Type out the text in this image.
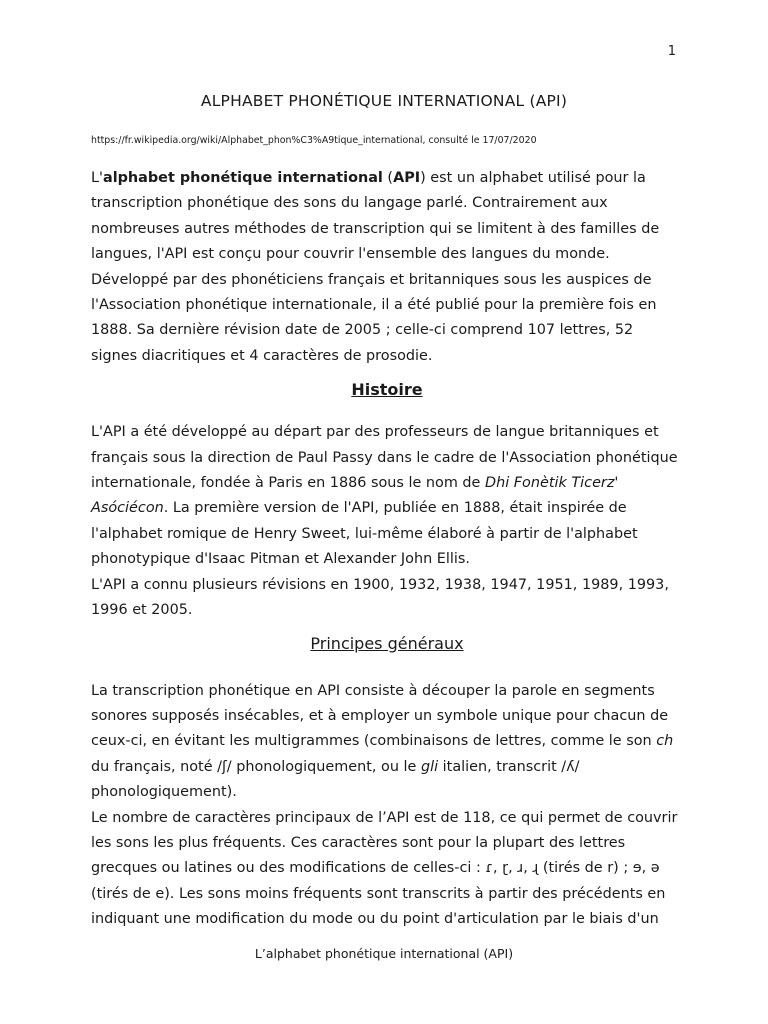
1
ALPHABET PHONÉTIQUE INTERNATIONAL (API)
https://fr.wikipedia.org/wiki/Alphabet_phon%C3%A9tique_international, consulté le 17/07/2020

L'alphabet phonétique international (API) est un alphabet utilisé pour la transcription phonétique des sons du langage parlé. Contrairement aux nombreuses autres méthodes de transcription qui se limitent à des familles de langues, l'API est conçu pour couvrir l'ensemble des langues du monde. Développé par des phonéticiens français et britanniques sous les auspices de l'Association phonétique internationale, il a été publié pour la première fois en 1888. Sa dernière révision date de 2005 ; celle-ci comprend 107 lettres, 52 signes diacritiques et 4 caractères de prosodie.

Histoire

L'API a été développé au départ par des professeurs de langue britanniques et français sous la direction de Paul Passy dans le cadre de l'Association phonétique internationale, fondée à Paris en 1886 sous le nom de Dhi Fonètik Ticerz' Asóciécon. La première version de l'API, publiée en 1888, était inspirée de l'alphabet romique de Henry Sweet, lui-même élaboré à partir de l'alphabet phonotypique d'Isaac Pitman et Alexander John Ellis.

L'API a connu plusieurs révisions en 1900, 1932, 1938, 1947, 1951, 1989, 1993, 1996 et 2005.

Principes généraux

La transcription phonétique en API consiste à découper la parole en segments sonores supposés insécables, et à employer un symbole unique pour chacun de ceux-ci, en évitant les multigrammes (combinaisons de lettres, comme le son ch du français, noté /ʃ/ phonologiquement, ou le gli italien, transcrit /ʎ/ phonologiquement).

Le nombre de caractères principaux de l’API est de 118, ce qui permet de couvrir les sons les plus fréquents. Ces caractères sont pour la plupart des lettres grecques ou latines ou des modifications de celles-ci : ɾ, ɽ, ɹ, ɻ (tirés de r) ; ɘ, ə (tirés de e). Les sons moins fréquents sont transcrits à partir des précédents en indiquant une modification du mode ou du point d'articulation par le biais d'un

L’alphabet phonétique international (API)
